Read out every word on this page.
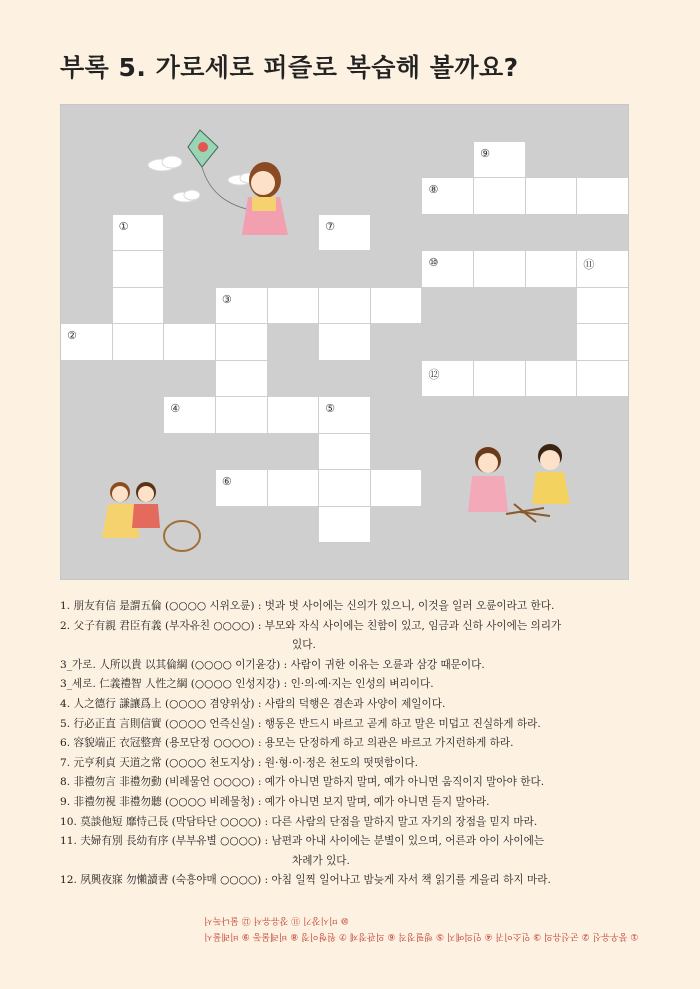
부록 5. 가로세로 퍼즐로 복습해 볼까요?
⑨
⑧
①	⑦
⑩	⑪
③
②
⑫
④	⑤
⑥
1. 朋友有信 是謂五倫 (○○○○ 시위오륜) : 벗과 벗 사이에는 신의가 있으니, 이것을 일러 오륜이라고 한다.
2. 父子有親 君臣有義 (부자유친 ○○○○) : 부모와 자식 사이에는 친함이 있고, 임금과 신하 사이에는 의리가
있다.
3_가로. 人所以貴 以其倫綱 (○○○○ 이기윤강) : 사람이 귀한 이유는 오륜과 삼강 때문이다.
3_세로. 仁義禮智 人性之綱 (○○○○ 인성지강) : 인·의·예·지는 인성의 벼리이다.
4. 人之德行 謙讓爲上 (○○○○ 겸양위상) : 사람의 덕행은 겸손과 사양이 제일이다.
5. 行必正直 言則信實 (○○○○ 언즉신실) : 행동은 반드시 바르고 곧게 하고 말은 미덥고 진실하게 하라.
6. 容貌端正 衣冠整齊 (용모단정 ○○○○) : 용모는 단정하게 하고 의관은 바르고 가지런하게 하라.
7. 元亨利貞 天道之常 (○○○○ 천도지상) : 원·형·이·정은 천도의 떳떳함이다.
8. 非禮勿言 非禮勿動 (비례물언 ○○○○) : 예가 아니면 말하지 말며, 예가 아니면 움직이지 말아야 한다.
9. 非禮勿視 非禮勿聽 (○○○○ 비례물청) : 예가 아니면 보지 말며, 예가 아니면 듣지 말아라.
10. 莫談他短 靡恃己長 (막담타단 ○○○○) : 다른 사람의 단점을 말하지 말고 자기의 장점을 믿지 마라.
11. 夫婦有別 長幼有序 (부부유별 ○○○○) : 남편과 아내 사이에는 분별이 있으며, 어른과 아이 사이에는
차례가 있다.
12. 夙興夜寐 勿懶讀書 (숙흥야매 ○○○○) : 아침 일찍 일어나고 밤늦게 자서 책 읽기를 게을리 하지 마라.
⑩ 미시장기 ⑪ 장유유서 ⑫ 물나독서
① 붕우유신 ② 군신유의 ③ 인소이귀 ④ 인의예지 ⑤ 행필정직 ⑥ 의관정제 ⑦ 원형이정 ⑧ 비례물동 ⑨ 비례물시
